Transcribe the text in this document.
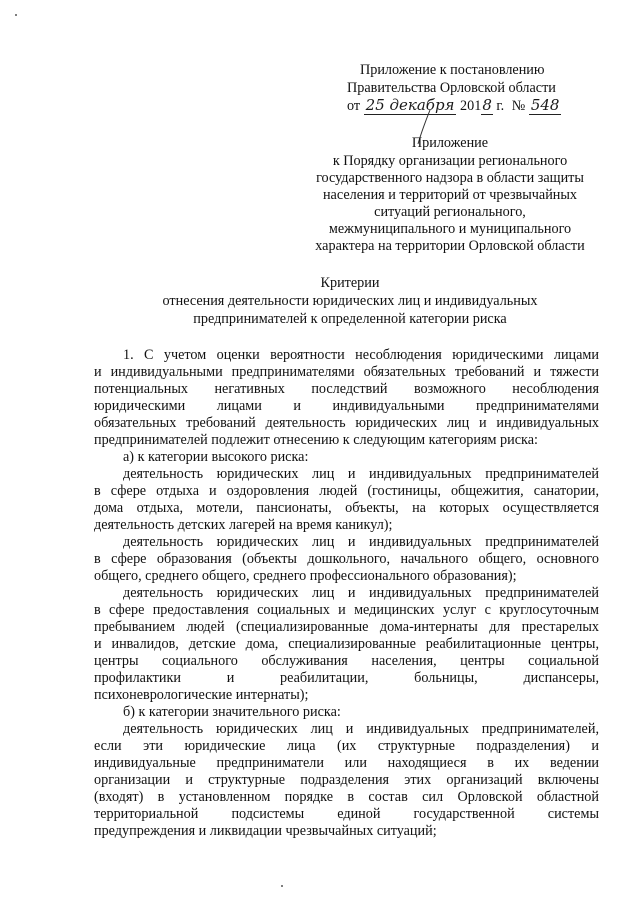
Приложение к постановлению
Правительства Орловской области
от 25 декабря 2018 г. № 548
Приложение
к Порядку организации регионального
государственного надзора в области защиты
населения и территорий от чрезвычайных
ситуаций регионального,
межмуниципального и муниципального
характера на территории Орловской области
Критерии
отнесения деятельности юридических лиц и индивидуальных
предпринимателей к определенной категории риска
1. С учетом оценки вероятности несоблюдения юридическими лицами
и индивидуальными предпринимателями обязательных требований и тяжести
потенциальных негативных последствий возможного несоблюдения
юридическими лицами и индивидуальными предпринимателями
обязательных требований деятельность юридических лиц и индивидуальных
предпринимателей подлежит отнесению к следующим категориям риска:
а) к категории высокого риска:
деятельность юридических лиц и индивидуальных предпринимателей
в сфере отдыха и оздоровления людей (гостиницы, общежития, санатории,
дома отдыха, мотели, пансионаты, объекты, на которых осуществляется
деятельность детских лагерей на время каникул);
деятельность юридических лиц и индивидуальных предпринимателей
в сфере образования (объекты дошкольного, начального общего, основного
общего, среднего общего, среднего профессионального образования);
деятельность юридических лиц и индивидуальных предпринимателей
в сфере предоставления социальных и медицинских услуг с круглосуточным
пребыванием людей (специализированные дома-интернаты для престарелых
и инвалидов, детские дома, специализированные реабилитационные центры,
центры социального обслуживания населения, центры социальной
профилактики и реабилитации, больницы, диспансеры,
психоневрологические интернаты);
б) к категории значительного риска:
деятельность юридических лиц и индивидуальных предпринимателей,
если эти юридические лица (их структурные подразделения) и
индивидуальные предприниматели или находящиеся в их ведении
организации и структурные подразделения этих организаций включены
(входят) в установленном порядке в состав сил Орловской областной
территориальной подсистемы единой государственной системы
предупреждения и ликвидации чрезвычайных ситуаций;
